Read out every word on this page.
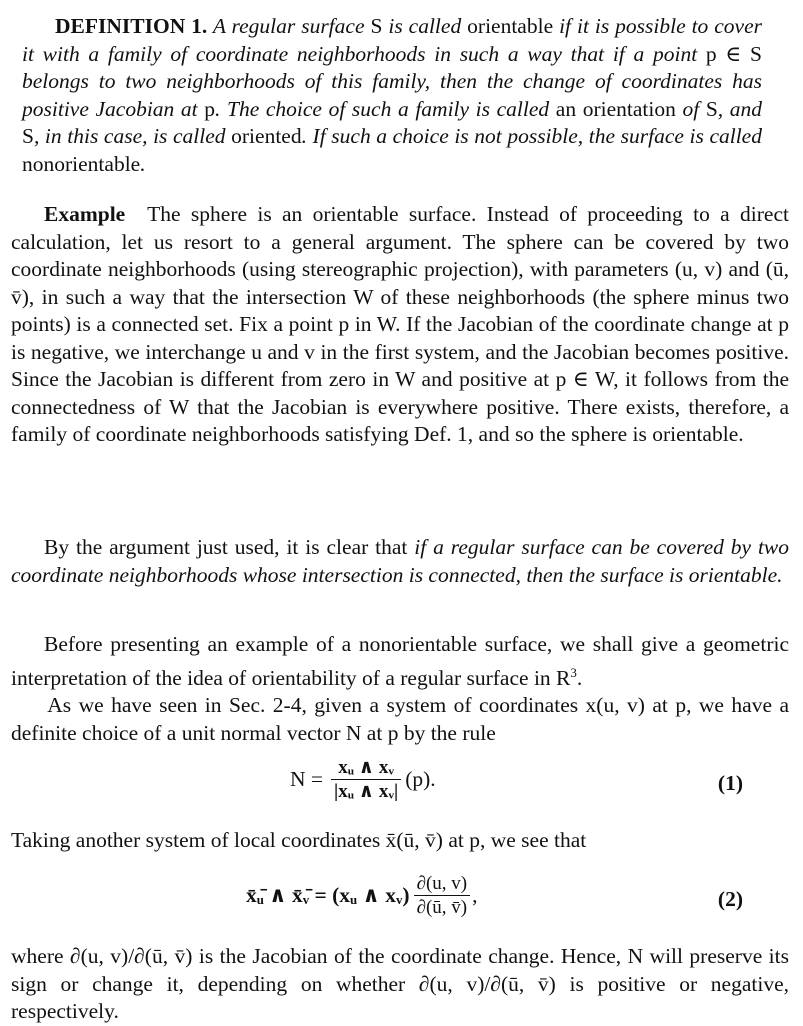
DEFINITION 1. A regular surface S is called orientable if it is possible to cover it with a family of coordinate neighborhoods in such a way that if a point p ∈ S belongs to two neighborhoods of this family, then the change of coordinates has positive Jacobian at p. The choice of such a family is called an orientation of S, and S, in this case, is called oriented. If such a choice is not possible, the surface is called nonorientable.

Example The sphere is an orientable surface. Instead of proceeding to a direct calculation, let us resort to a general argument. The sphere can be covered by two coordinate neighborhoods (using stereographic projection), with parameters (u, v) and (ū, v̄), in such a way that the intersection W of these neighborhoods (the sphere minus two points) is a connected set. Fix a point p in W. If the Jacobian of the coordinate change at p is negative, we interchange u and v in the first system, and the Jacobian becomes positive. Since the Jacobian is different from zero in W and positive at p ∈ W, it follows from the connectedness of W that the Jacobian is everywhere positive. There exists, therefore, a family of coordinate neighborhoods satisfying Def. 1, and so the sphere is orientable.

By the argument just used, it is clear that if a regular surface can be covered by two coordinate neighborhoods whose intersection is connected, then the surface is orientable.

Before presenting an example of a nonorientable surface, we shall give a geometric interpretation of the idea of orientability of a regular surface in $R^3$.
As we have seen in Sec. 2-4, given a system of coordinates x(u, v) at p, we have a definite choice of a unit normal vector N at p by the rule

$N = \frac{\text{xᵤ ∧ xᵥ}}{\text{|xᵤ ∧ xᵥ|}} (p)$.	(1)

Taking another system of local coordinates x̄(ū, v̄) at p, we see that

x̄ᵤ̄ ∧ x̄ᵥ̄ = (xᵤ ∧ xᵥ) $\frac{\partial(u, v)}{\partial(ū, v̄)}$ ,	(2)

where ∂(u, v)/∂(ū, v̄) is the Jacobian of the coordinate change. Hence, N will preserve its sign or change it, depending on whether ∂(u, v)/∂(ū, v̄) is positive or negative, respectively.
